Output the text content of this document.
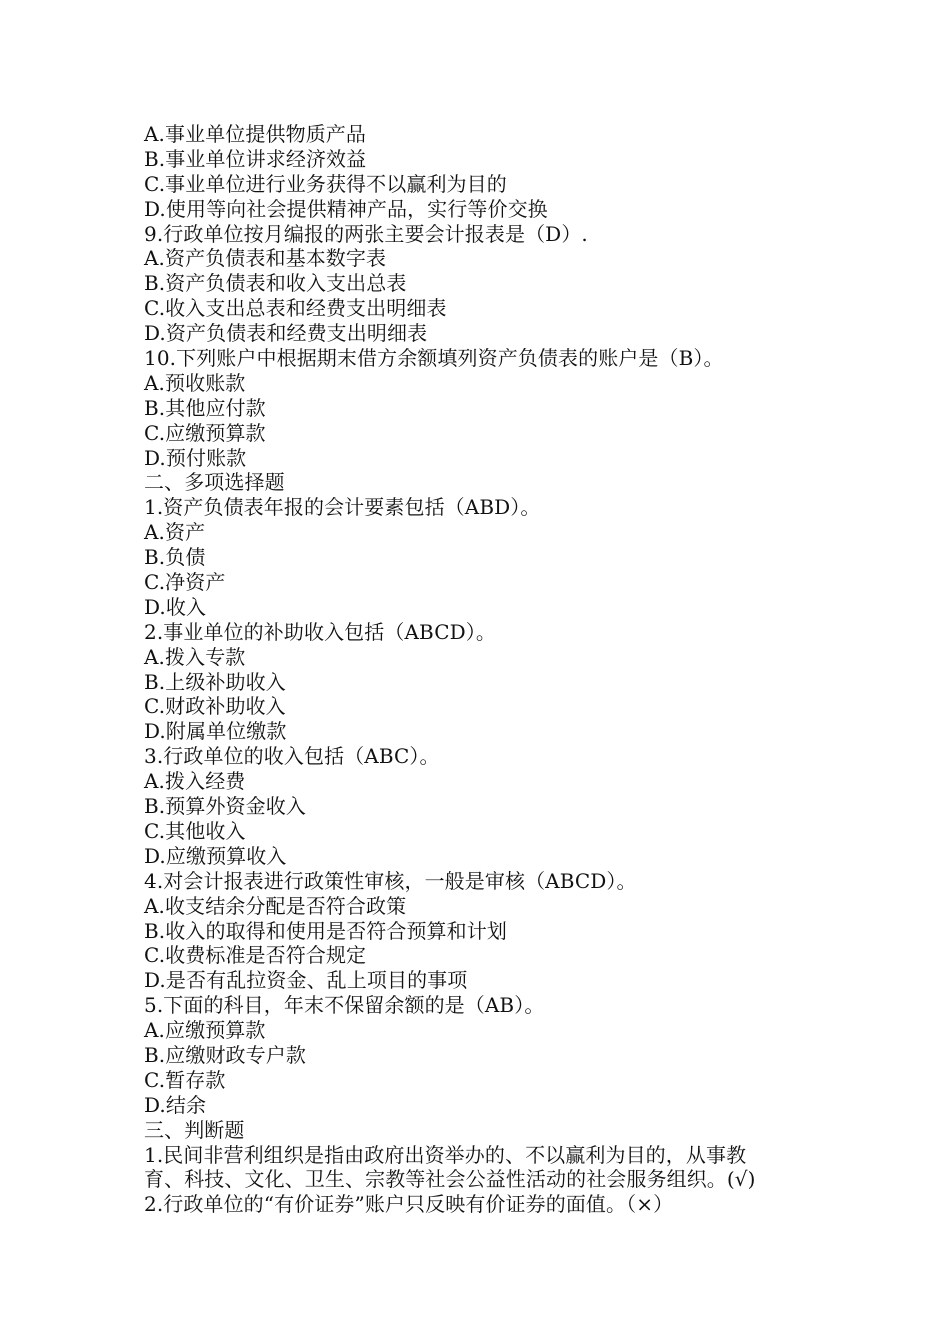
A.事业单位提供物质产品
B.事业单位讲求经济效益
C.事业单位进行业务获得不以赢利为目的
D.使用等向社会提供精神产品，实行等价交换
9.行政单位按月编报的两张主要会计报表是（D）.
A.资产负债表和基本数字表
B.资产负债表和收入支出总表
C.收入支出总表和经费支出明细表
D.资产负债表和经费支出明细表
10.下列账户中根据期末借方余额填列资产负债表的账户是（B）。
A.预收账款
B.其他应付款
C.应缴预算款
D.预付账款
二、多项选择题
1.资产负债表年报的会计要素包括（ABD）。
A.资产
B.负债
C.净资产
D.收入
2.事业单位的补助收入包括（ABCD）。
A.拨入专款
B.上级补助收入
C.财政补助收入
D.附属单位缴款
3.行政单位的收入包括（ABC）。
A.拨入经费
B.预算外资金收入
C.其他收入
D.应缴预算收入
4.对会计报表进行政策性审核，一般是审核（ABCD）。
A.收支结余分配是否符合政策
B.收入的取得和使用是否符合预算和计划
C.收费标准是否符合规定
D.是否有乱拉资金、乱上项目的事项
5.下面的科目，年末不保留余额的是（AB）。
A.应缴预算款
B.应缴财政专户款
C.暂存款
D.结余
三、判断题
1.民间非营利组织是指由政府出资举办的、不以赢利为目的，从事教
育、科技、文化、卫生、宗教等社会公益性活动的社会服务组织。(√)
2.行政单位的“有价证券”账户只反映有价证券的面值。（×）
